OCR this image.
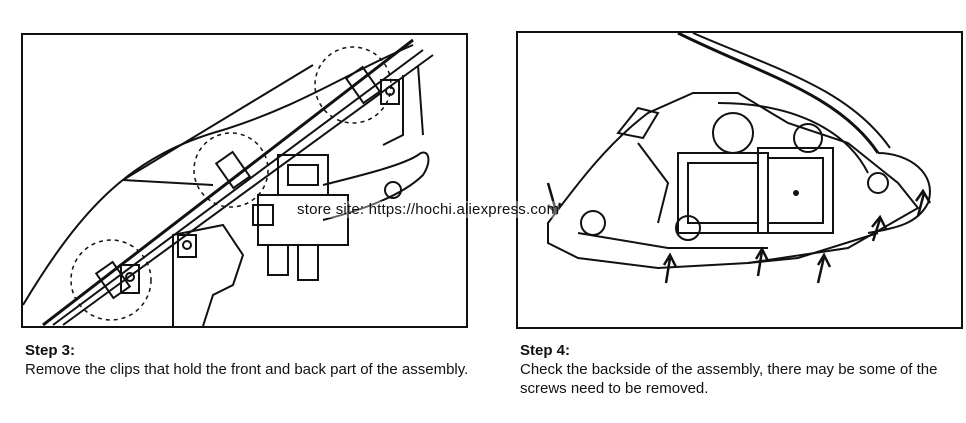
store site: https://hochi.aliexpress.com
Step 3:
Remove the clips that hold the front and back part of the assembly.
Step 4:
Check the backside of the assembly, there may be some of the screws need to be removed.
